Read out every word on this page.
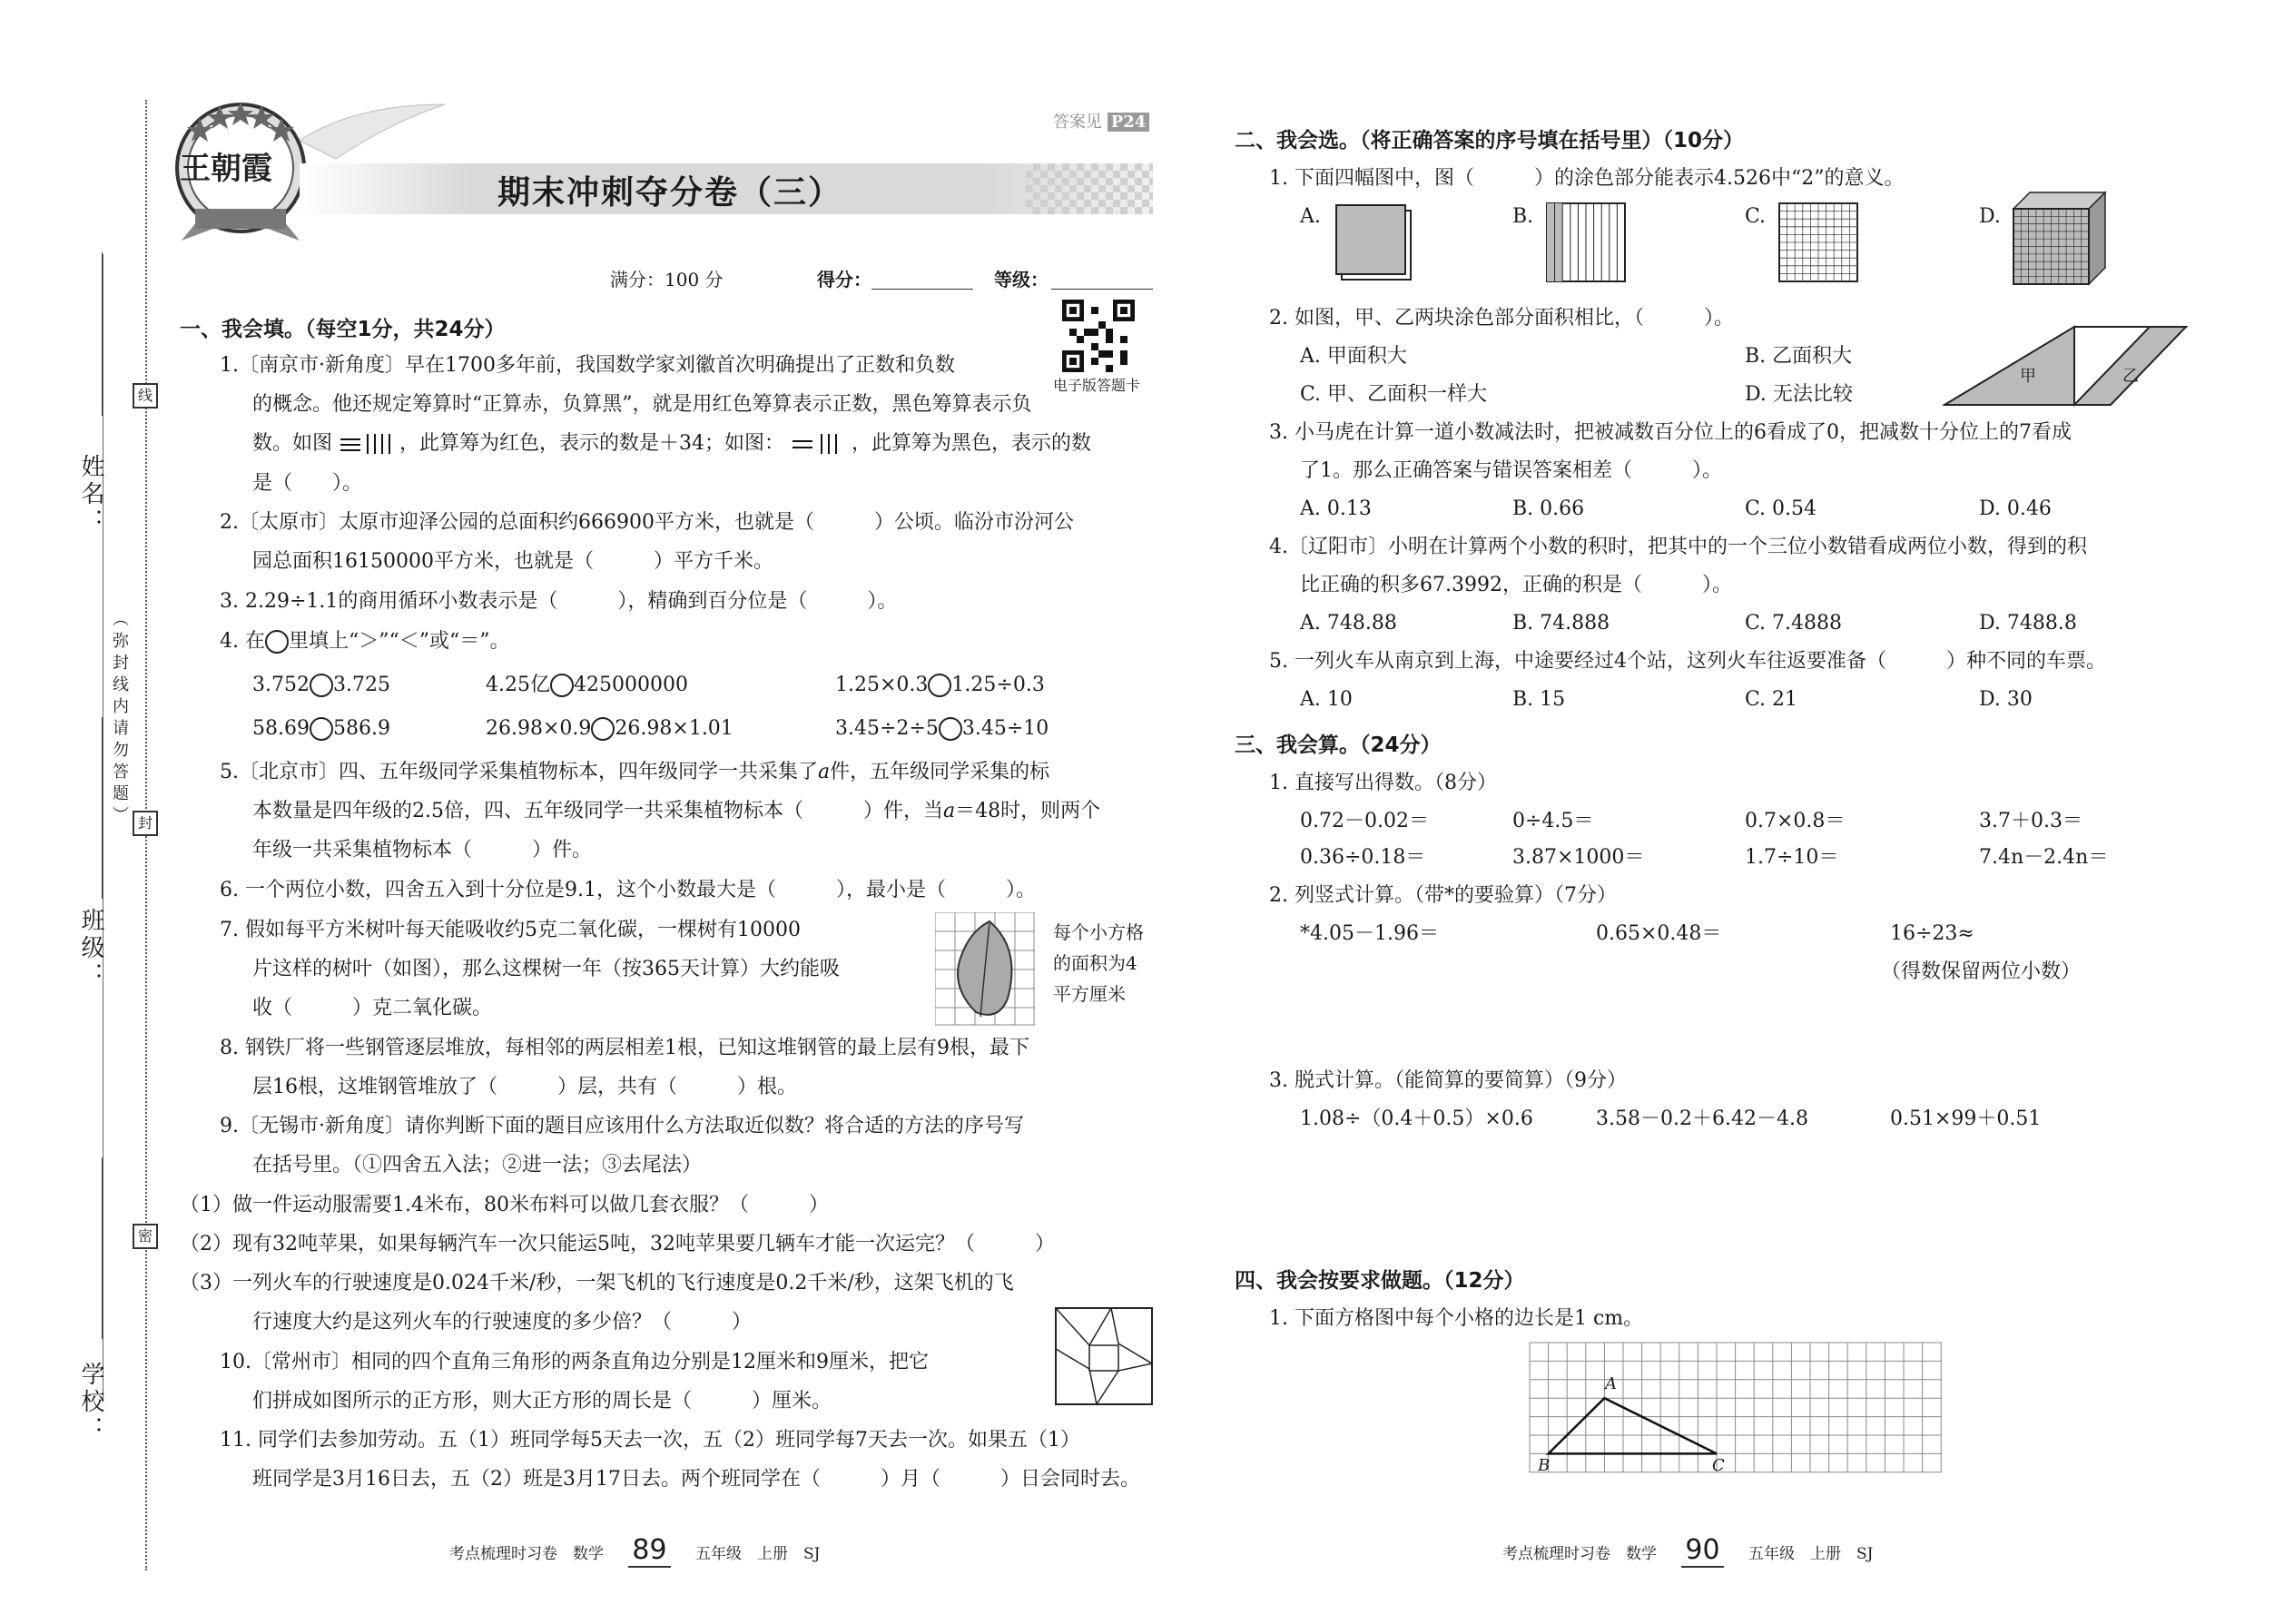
线
封
密
姓名：
班级：
学校：
（弥封线内请勿答题）
王朝霞
答案见 P24
期末冲刺夺分卷（三）
满分：100 分	得分：	等级：
电子版答题卡
一、我会填。（每空1分，共24分）
1.〔南京市·新角度〕早在1700多年前，我国数学家刘徽首次明确提出了正数和负数
的概念。他还规定筹算时“正算赤，负算黑”，就是用红色筹算表示正数，黑色筹算表示负
数。如图	，此算筹为红色，表示的数是＋34；如图：	，此算筹为黑色，表示的数
是（　　）。
2.〔太原市〕太原市迎泽公园的总面积约666900平方米，也就是（　　　）公顷。临汾市汾河公
园总面积16150000平方米，也就是（　　　）平方千米。
3. 2.29÷1.1的商用循环小数表示是（　　　），精确到百分位是（　　　）。
4. 在 里填上“＞”“＜”或“＝”。
3.752 3.725	4.25亿 425000000	1.25×0.3 1.25÷0.3
58.69 586.9	26.98×0.9 26.98×1.01	3.45÷2÷5 3.45÷10
5.〔北京市〕四、五年级同学采集植物标本，四年级同学一共采集了a件，五年级同学采集的标
本数量是四年级的2.5倍，四、五年级同学一共采集植物标本（　　　）件，当a＝48时，则两个
年级一共采集植物标本（　　　）件。
6. 一个两位小数，四舍五入到十分位是9.1，这个小数最大是（　　　），最小是（　　　）。
7. 假如每平方米树叶每天能吸收约5克二氧化碳，一棵树有10000
片这样的树叶（如图），那么这棵树一年（按365天计算）大约能吸
收（　　　）克二氧化碳。
每个小方格
的面积为4
平方厘米
8. 钢铁厂将一些钢管逐层堆放，每相邻的两层相差1根，已知这堆钢管的最上层有9根，最下
层16根，这堆钢管堆放了（　　　）层，共有（　　　）根。
9.〔无锡市·新角度〕请你判断下面的题目应该用什么方法取近似数？将合适的方法的序号写
在括号里。（①四舍五入法；②进一法；③去尾法）
（1）做一件运动服需要1.4米布，80米布料可以做几套衣服？（　　　）
（2）现有32吨苹果，如果每辆汽车一次只能运5吨，32吨苹果要几辆车才能一次运完？（　　　）
（3）一列火车的行驶速度是0.024千米/秒，一架飞机的飞行速度是0.2千米/秒，这架飞机的飞
行速度大约是这列火车的行驶速度的多少倍？（　　　）
10.〔常州市〕相同的四个直角三角形的两条直角边分别是12厘米和9厘米，把它
们拼成如图所示的正方形，则大正方形的周长是（　　　）厘米。
11. 同学们去参加劳动。五（1）班同学每5天去一次，五（2）班同学每7天去一次。如果五（1）
班同学是3月16日去，五（2）班是3月17日去。两个班同学在（　　　）月（　　　）日会同时去。
考点梳理时习卷　数学 89 五年级　上册　SJ
二、我会选。（将正确答案的序号填在括号里）（10分）
1. 下面四幅图中，图（　　　）的涂色部分能表示4.526中“2”的意义。
A.	B.	C.	D.
2. 如图，甲、乙两块涂色部分面积相比，（　　　）。
A. 甲面积大	B. 乙面积大
C. 甲、乙面积一样大	D. 无法比较
甲	乙
3. 小马虎在计算一道小数减法时，把被减数百分位上的6看成了0，把减数十分位上的7看成
了1。那么正确答案与错误答案相差（　　　）。
A. 0.13	B. 0.66	C. 0.54	D. 0.46
4.〔辽阳市〕小明在计算两个小数的积时，把其中的一个三位小数错看成两位小数，得到的积
比正确的积多67.3992，正确的积是（　　　）。
A. 748.88	B. 74.888	C. 7.4888	D. 7488.8
5. 一列火车从南京到上海，中途要经过4个站，这列火车往返要准备（　　　）种不同的车票。
A. 10	B. 15	C. 21	D. 30
三、我会算。（24分）
1. 直接写出得数。（8分）
0.72－0.02＝	0÷4.5＝	0.7×0.8＝	3.7＋0.3＝
0.36÷0.18＝	3.87×1000＝	1.7÷10＝	7.4n－2.4n＝
2. 列竖式计算。（带*的要验算）（7分）
*4.05－1.96＝	0.65×0.48＝	16÷23≈
（得数保留两位小数）
3. 脱式计算。（能简算的要简算）（9分）
1.08÷（0.4＋0.5）×0.6	3.58－0.2＋6.42－4.8	0.51×99＋0.51
四、我会按要求做题。（12分）
1. 下面方格图中每个小格的边长是1 cm。
A
B	C
考点梳理时习卷　数学 90 五年级　上册　SJ
